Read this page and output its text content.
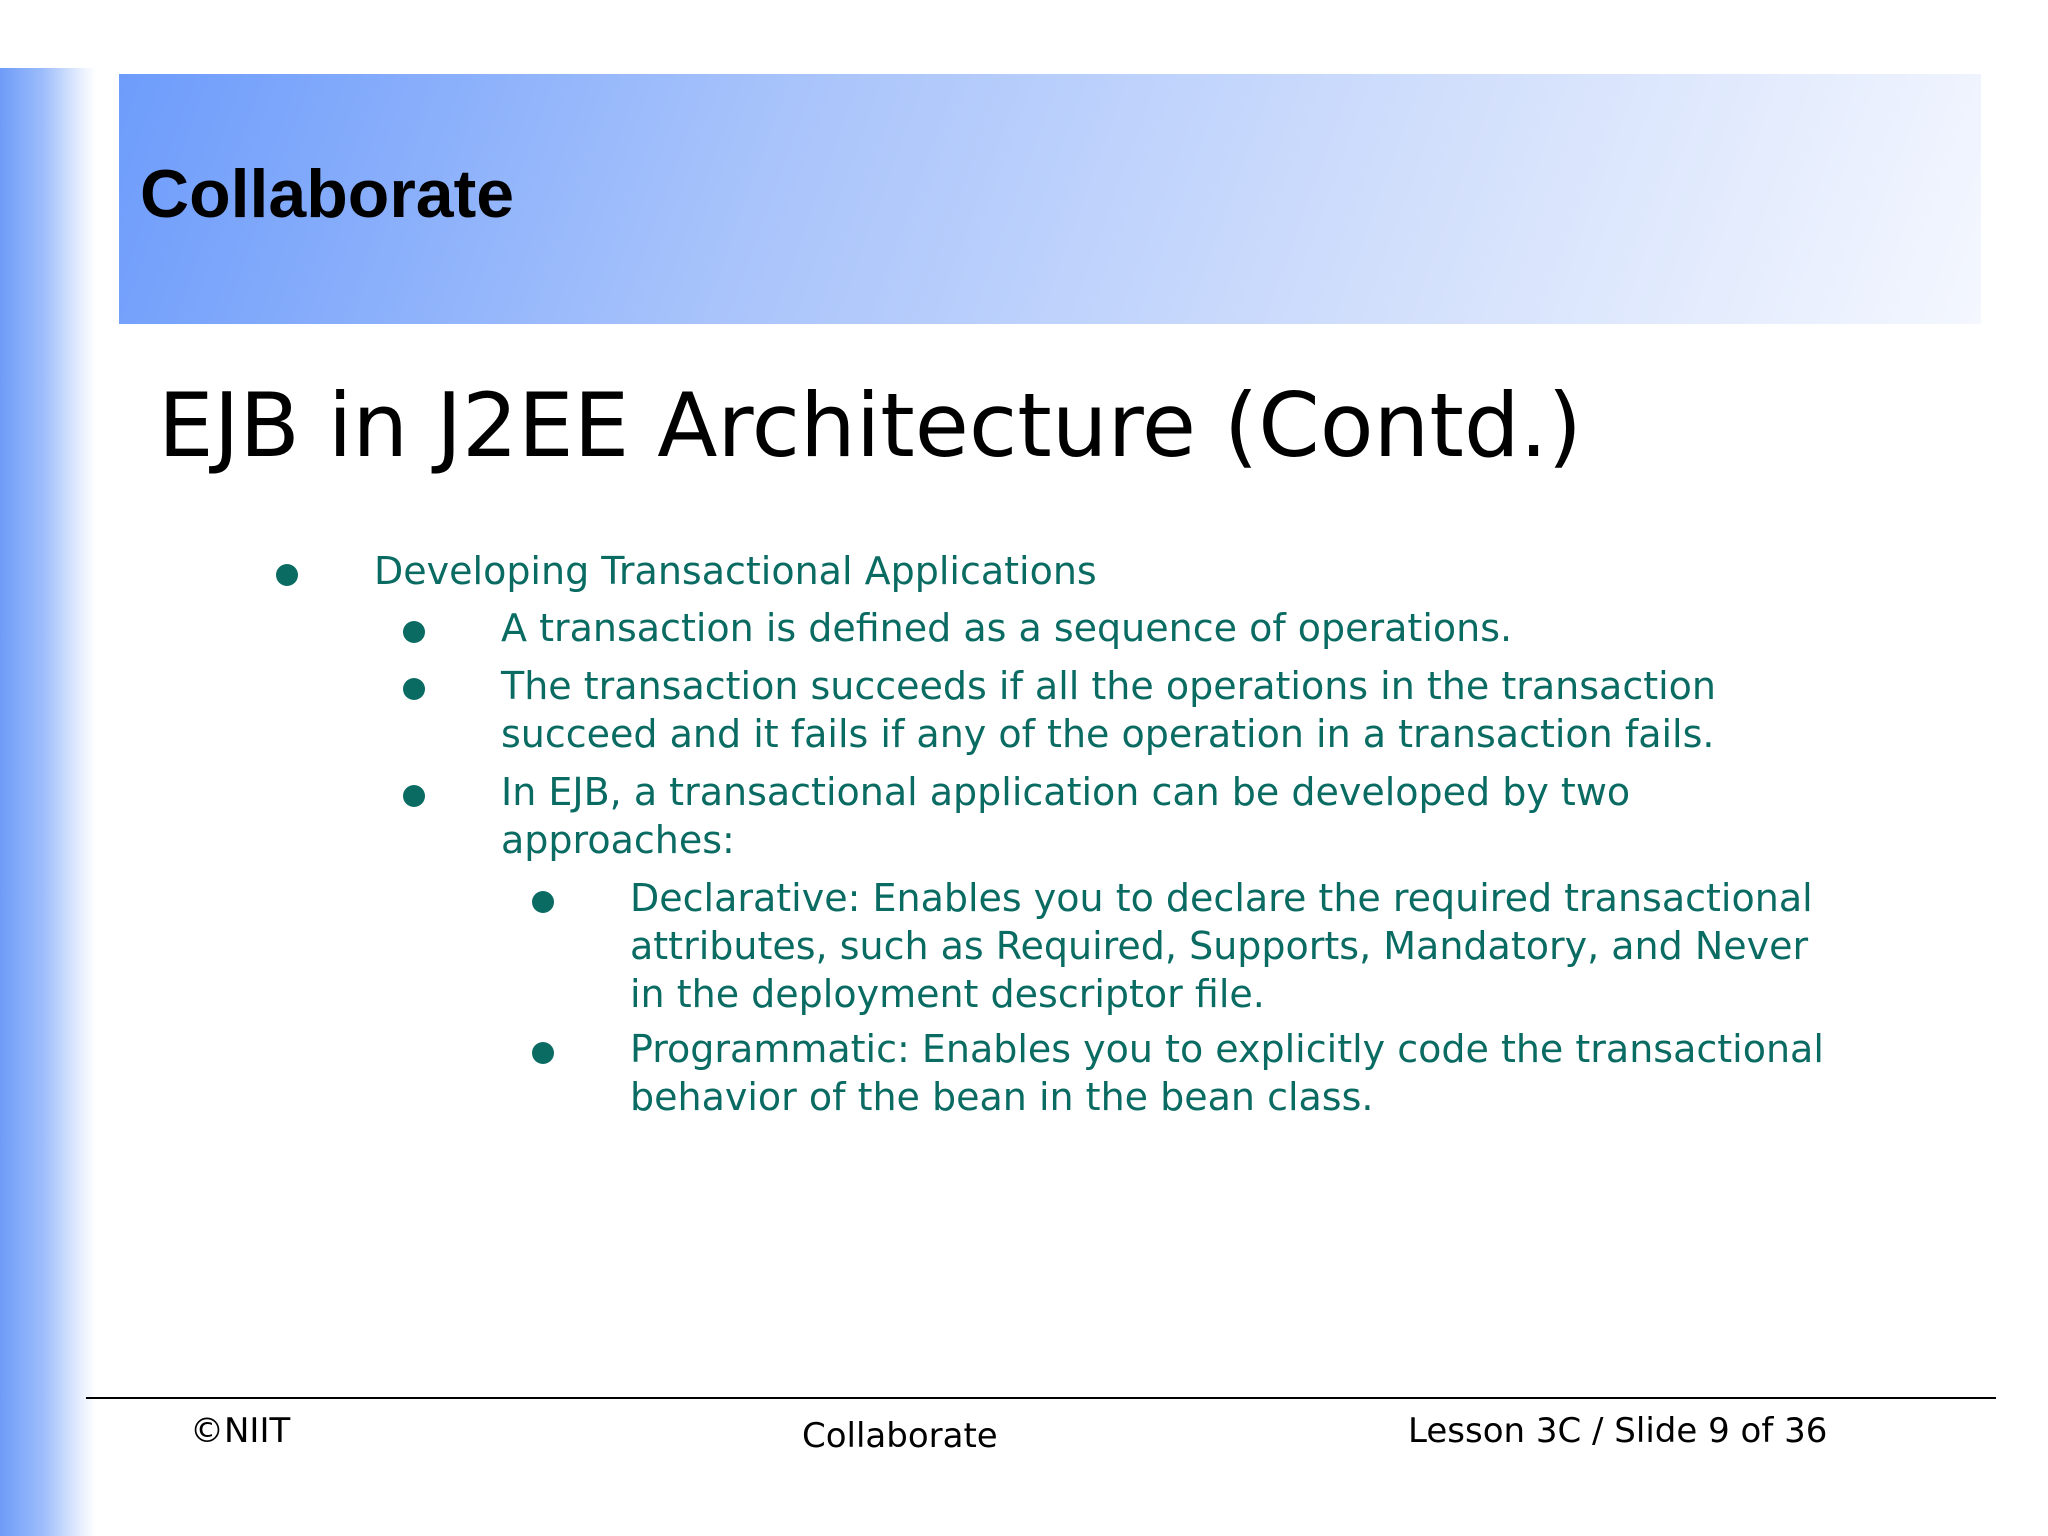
Collaborate
EJB in J2EE Architecture (Contd.)
Developing Transactional Applications
A transaction is defined as a sequence of operations.
The transaction succeeds if all the operations in the transaction
succeed and it fails if any of the operation in a transaction fails.
In EJB, a transactional application can be developed by two
approaches:
Declarative: Enables you to declare the required transactional
attributes, such as Required, Supports, Mandatory, and Never
in the deployment descriptor file.
Programmatic: Enables you to explicitly code the transactional
behavior of the bean in the bean class.
©NIIT	Collaborate	Lesson 3C / Slide 9 of 36
